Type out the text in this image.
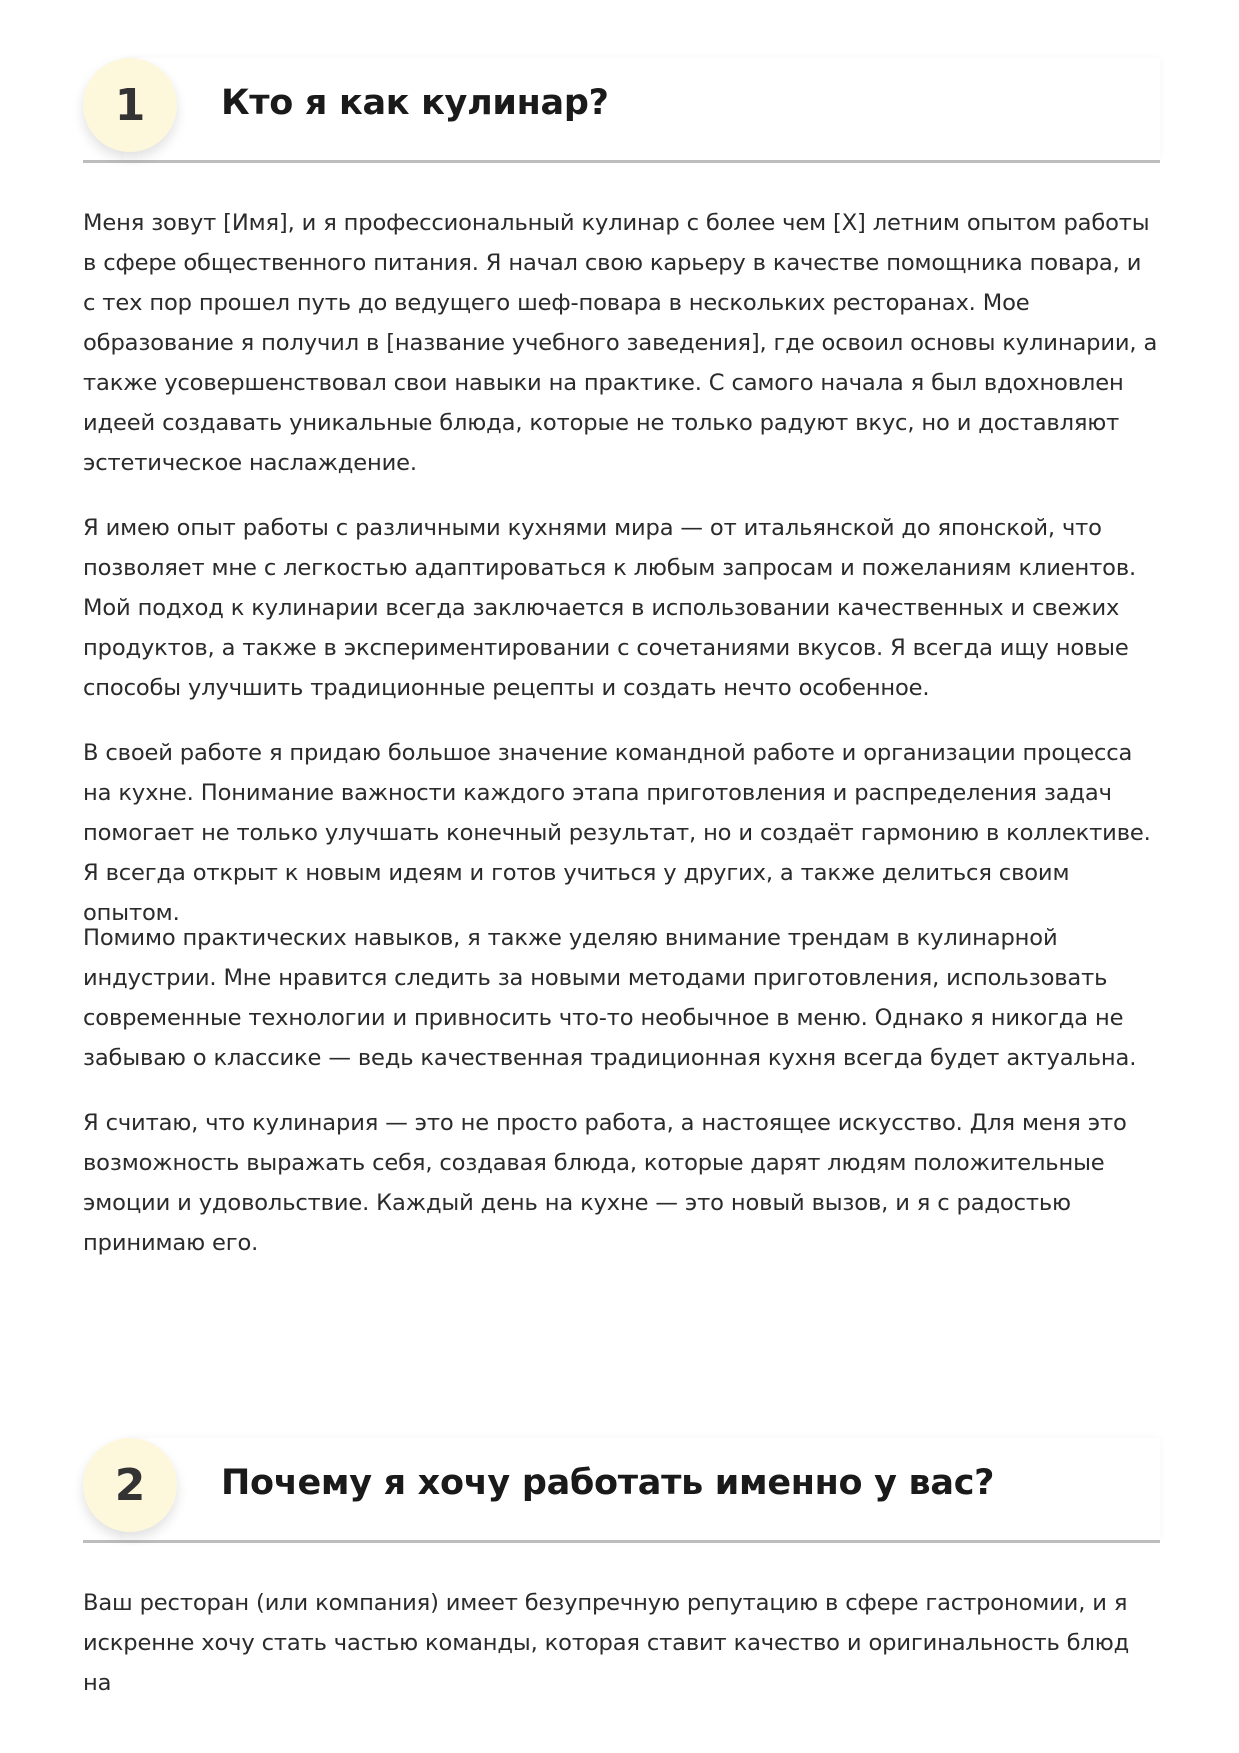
1	Кто я как кулинар?

Меня зовут [Имя], и я профессиональный кулинар с более чем [X] летним опытом работы в сфере общественного питания. Я начал свою карьеру в качестве помощника повара, и с тех пор прошел путь до ведущего шеф-повара в нескольких ресторанах. Мое образование я получил в [название учебного заведения], где освоил основы кулинарии, а также усовершенствовал свои навыки на практике. С самого начала я был вдохновлен идеей создавать уникальные блюда, которые не только радуют вкус, но и доставляют эстетическое наслаждение.

Я имею опыт работы с различными кухнями мира — от итальянской до японской, что позволяет мне с легкостью адаптироваться к любым запросам и пожеланиям клиентов. Мой подход к кулинарии всегда заключается в использовании качественных и свежих продуктов, а также в экспериментировании с сочетаниями вкусов. Я всегда ищу новые способы улучшить традиционные рецепты и создать нечто особенное.

В своей работе я придаю большое значение командной работе и организации процесса на кухне. Понимание важности каждого этапа приготовления и распределения задач помогает не только улучшать конечный результат, но и создаёт гармонию в коллективе. Я всегда открыт к новым идеям и готов учиться у других, а также делиться своим опытом.

Помимо практических навыков, я также уделяю внимание трендам в кулинарной индустрии. Мне нравится следить за новыми методами приготовления, использовать современные технологии и привносить что-то необычное в меню. Однако я никогда не забываю о классике — ведь качественная традиционная кухня всегда будет актуальна.

Я считаю, что кулинария — это не просто работа, а настоящее искусство. Для меня это возможность выражать себя, создавая блюда, которые дарят людям положительные эмоции и удовольствие. Каждый день на кухне — это новый вызов, и я с радостью принимаю его.

2	Почему я хочу работать именно у вас?

Ваш ресторан (или компания) имеет безупречную репутацию в сфере гастрономии, и я искренне хочу стать частью команды, которая ставит качество и оригинальность блюд на
